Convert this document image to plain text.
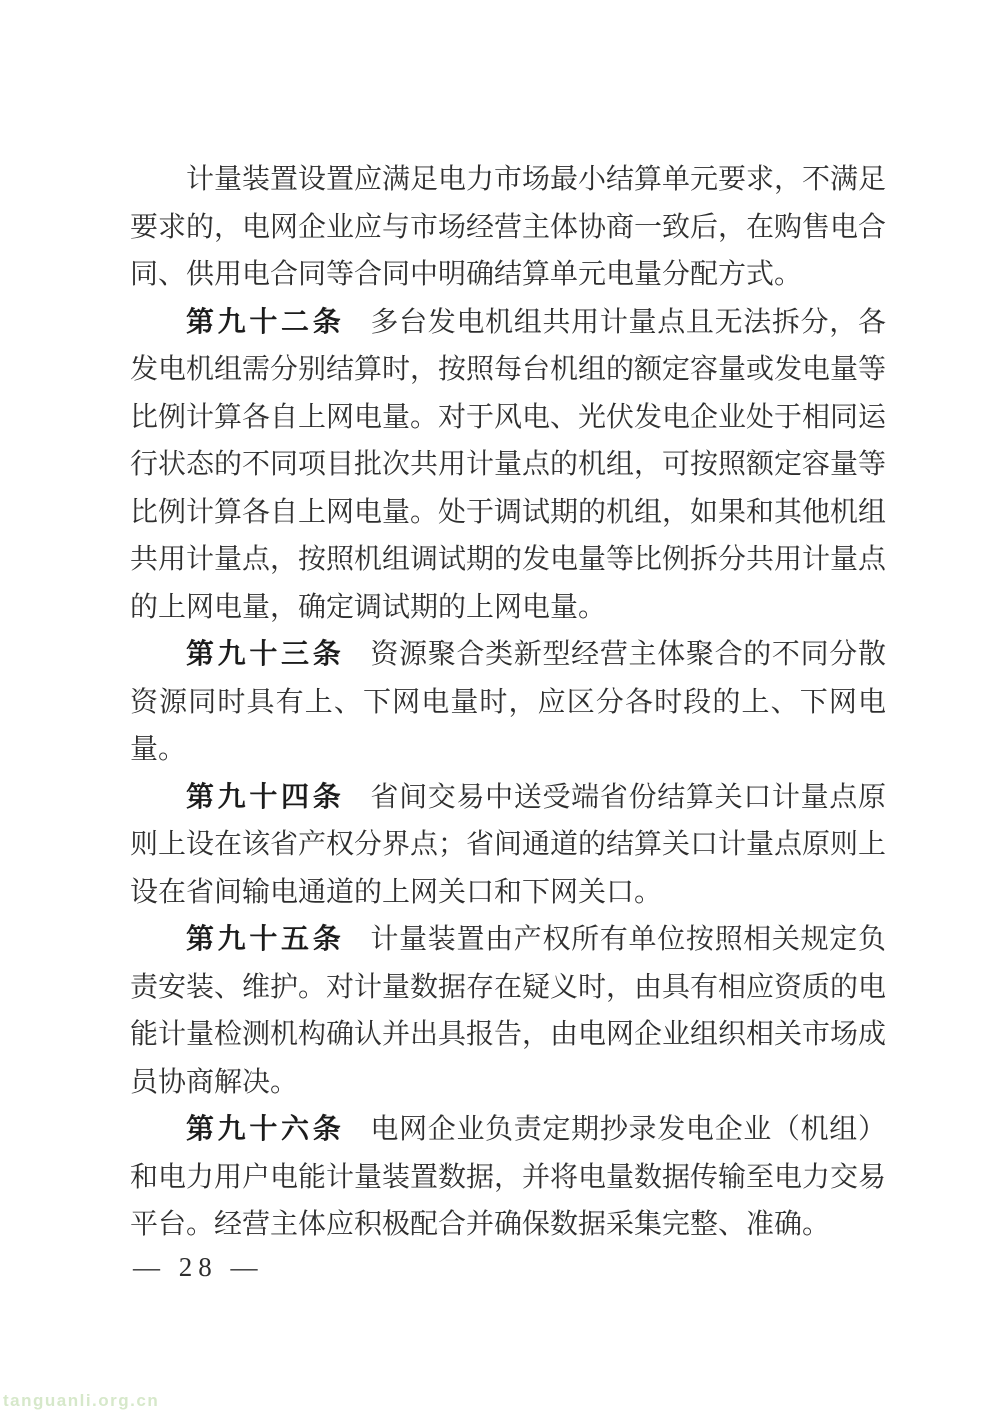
计量装置设置应满足电力市场最小结算单元要求，不满足要求的，电网企业应与市场经营主体协商一致后，在购售电合同、供用电合同等合同中明确结算单元电量分配方式。

第九十二条 多台发电机组共用计量点且无法拆分，各发电机组需分别结算时，按照每台机组的额定容量或发电量等比例计算各自上网电量。对于风电、光伏发电企业处于相同运行状态的不同项目批次共用计量点的机组，可按照额定容量等比例计算各自上网电量。处于调试期的机组，如果和其他机组共用计量点，按照机组调试期的发电量等比例拆分共用计量点的上网电量，确定调试期的上网电量。

第九十三条 资源聚合类新型经营主体聚合的不同分散资源同时具有上、下网电量时，应区分各时段的上、下网电量。

第九十四条 省间交易中送受端省份结算关口计量点原则上设在该省产权分界点；省间通道的结算关口计量点原则上设在省间输电通道的上网关口和下网关口。

第九十五条 计量装置由产权所有单位按照相关规定负责安装、维护。对计量数据存在疑义时，由具有相应资质的电能计量检测机构确认并出具报告，由电网企业组织相关市场成员协商解决。

第九十六条 电网企业负责定期抄录发电企业（机组）和电力用户电能计量装置数据，并将电量数据传输至电力交易平台。经营主体应积极配合并确保数据采集完整、准确。

— 28 —
tanguanli.org.cn
